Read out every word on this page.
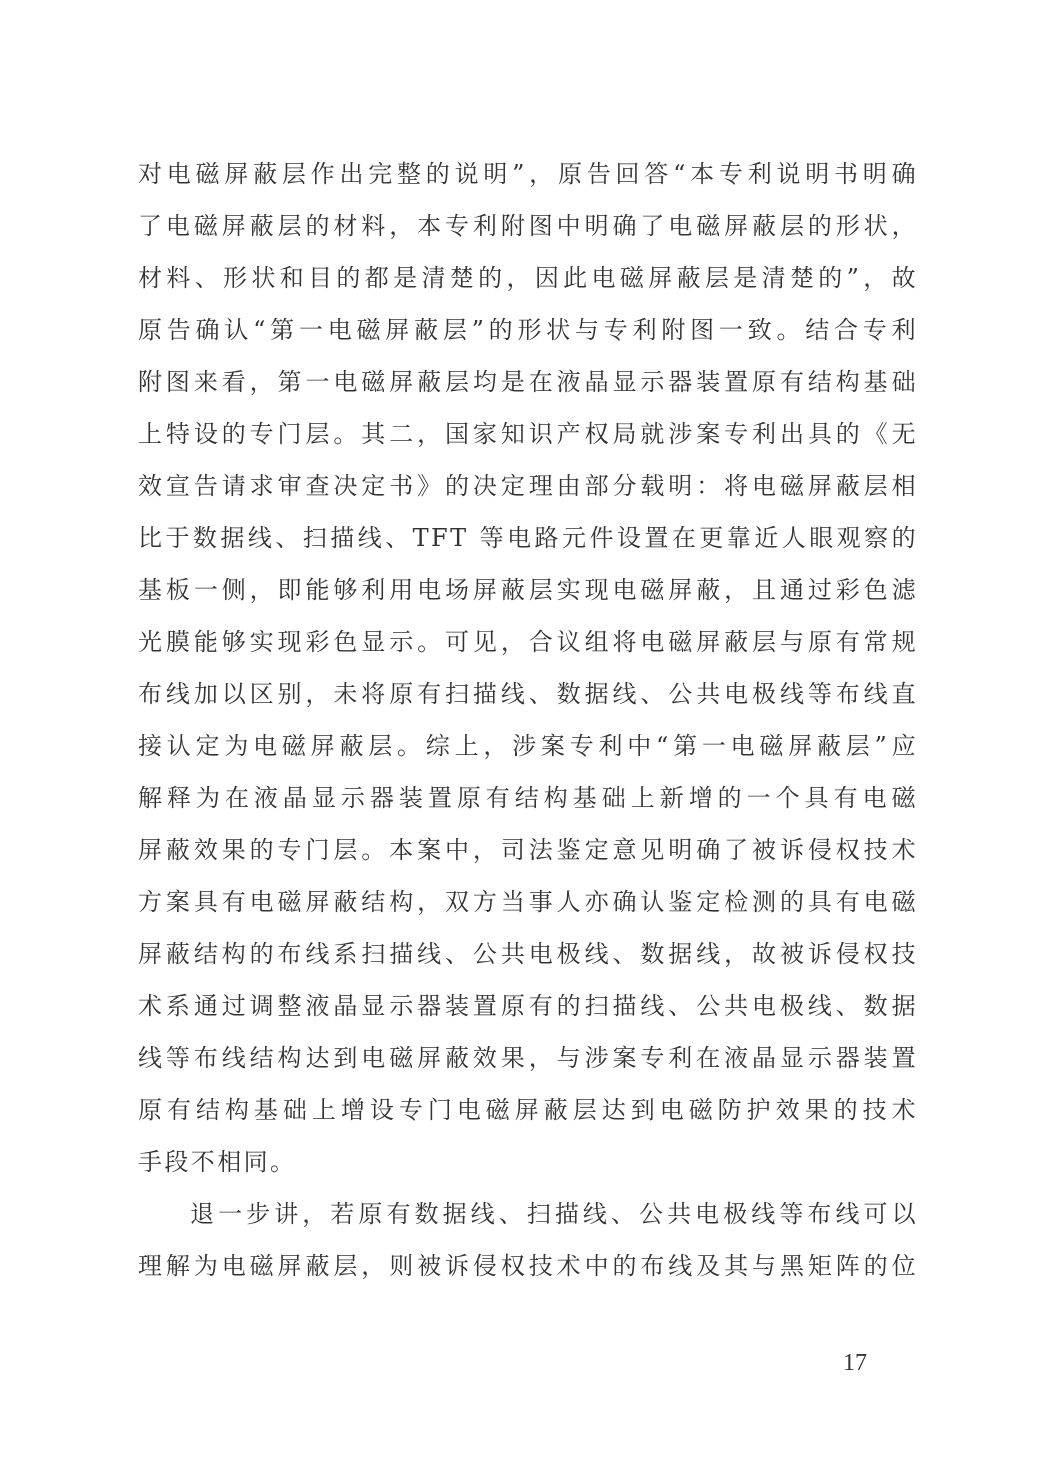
对电磁屏蔽层作出完整的说明”，原告回答“本专利说明书明确
了电磁屏蔽层的材料，本专利附图中明确了电磁屏蔽层的形状，
材料、形状和目的都是清楚的，因此电磁屏蔽层是清楚的”，故
原告确认“第一电磁屏蔽层”的形状与专利附图一致。结合专利
附图来看，第一电磁屏蔽层均是在液晶显示器装置原有结构基础
上特设的专门层。其二，国家知识产权局就涉案专利出具的《无
效宣告请求审查决定书》的决定理由部分载明：将电磁屏蔽层相
比于数据线、扫描线、TFT 等电路元件设置在更靠近人眼观察的
基板一侧，即能够利用电场屏蔽层实现电磁屏蔽，且通过彩色滤
光膜能够实现彩色显示。可见，合议组将电磁屏蔽层与原有常规
布线加以区别，未将原有扫描线、数据线、公共电极线等布线直
接认定为电磁屏蔽层。综上，涉案专利中“第一电磁屏蔽层”应
解释为在液晶显示器装置原有结构基础上新增的一个具有电磁
屏蔽效果的专门层。本案中，司法鉴定意见明确了被诉侵权技术
方案具有电磁屏蔽结构，双方当事人亦确认鉴定检测的具有电磁
屏蔽结构的布线系扫描线、公共电极线、数据线，故被诉侵权技
术系通过调整液晶显示器装置原有的扫描线、公共电极线、数据
线等布线结构达到电磁屏蔽效果，与涉案专利在液晶显示器装置
原有结构基础上增设专门电磁屏蔽层达到电磁防护效果的技术
手段不相同。
退一步讲，若原有数据线、扫描线、公共电极线等布线可以
理解为电磁屏蔽层，则被诉侵权技术中的布线及其与黑矩阵的位
17
